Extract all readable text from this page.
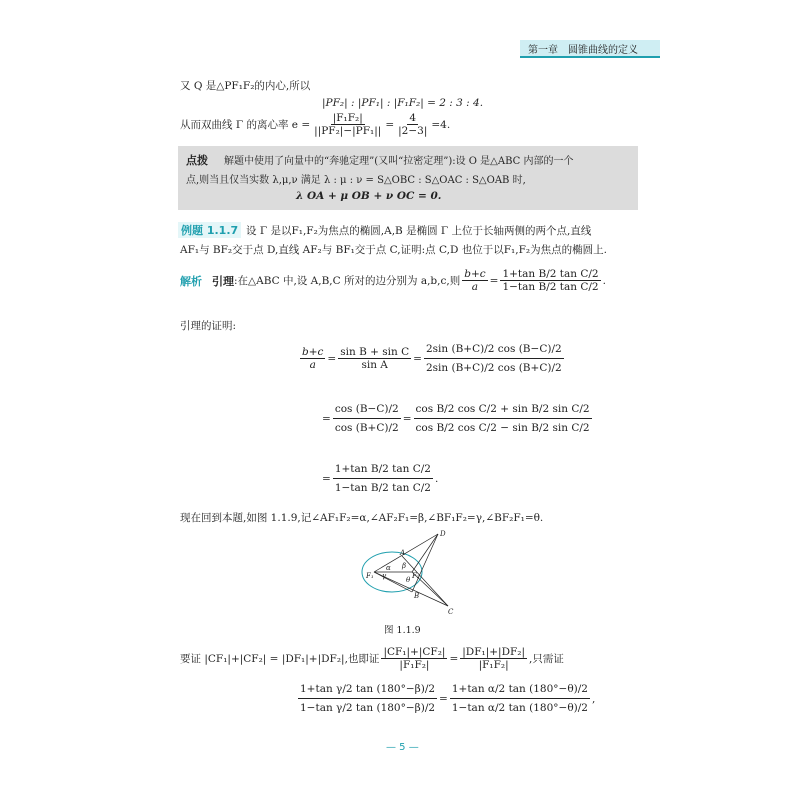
第一章　圆锥曲线的定义
又 Q 是△PF₁F₂的内心,所以
|PF₂| : |PF₁| : |F₁F₂| = 2 : 3 : 4.
从而双曲线 Γ 的离心率 $e = \frac{\text{|F₁F₂|}}{\text{||PF₂|−|PF₁||}} = \frac{4}{|2-3|} =4$.
点拨 解题中使用了向量中的“奔驰定理”(又叫“拉密定理”):设 O 是△ABC 内部的一个
点,则当且仅当实数 λ,μ,ν 满足 λ : μ : ν = S△OBC : S△OAC : S△OAB 时,
λ OA + μ OB + ν OC = 0.
例题 1.1.7 设 Γ 是以F₁,F₂为焦点的椭圆,A,B 是椭圆 Γ 上位于长轴两侧的两个点,直线
AF₁与 BF₂交于点 D,直线 AF₂与 BF₁交于点 C,证明:点 C,D 也位于以F₁,F₂为焦点的椭圆上.
解析 引理 :在△ABC 中,设 A,B,C 所对的边分别为 a,b,c,则 $\frac{b+c}{a} = \frac{\text{1+tan B/2 tan C/2}}{\text{1−tan B/2 tan C/2}}$ .
引理的证明:
$\frac{b+c}{a} = \frac{\text{sin B + sin C}}{\text{sin A}} = \frac{2\sin (B+C)/2 \cos (B-C)/2}{2\sin (B+C)/2 \cos (B+C)/2}$
= $\frac{\cos (B-C)/2}{\cos (B+C)/2} = \frac{\text{cos B/2 cos C/2 + sin B/2 sin C/2}}{\text{cos B/2 cos C/2 − sin B/2 sin C/2}}$
= $\frac{\text{1+tan B/2 tan C/2}}{\text{1−tan B/2 tan C/2}}$ .
现在回到本题,如图 1.1.9,记∠AF₁F₂=α,∠AF₂F₁=β,∠BF₁F₂=γ,∠BF₂F₁=θ.
D
A
F₁	F₂
B
C
α β
γ	θ
图 1.1.9
要证 |CF₁|+|CF₂| = |DF₁|+|DF₂|,也即证 $\frac{\text{|CF₁|+|CF₂|}}{\text{|F₁F₂|}} = \frac{\text{|DF₁|+|DF₂|}}{\text{|F₁F₂|}}$ ,只需证
$\frac{\text{1+tan γ/2 tan (180°−β)/2}}{\text{1−tan γ/2 tan (180°−β)/2}} = \frac{\text{1+tan α/2 tan (180°−θ)/2}}{\text{1−tan α/2 tan (180°−θ)/2}}$ ,
— 5 —
